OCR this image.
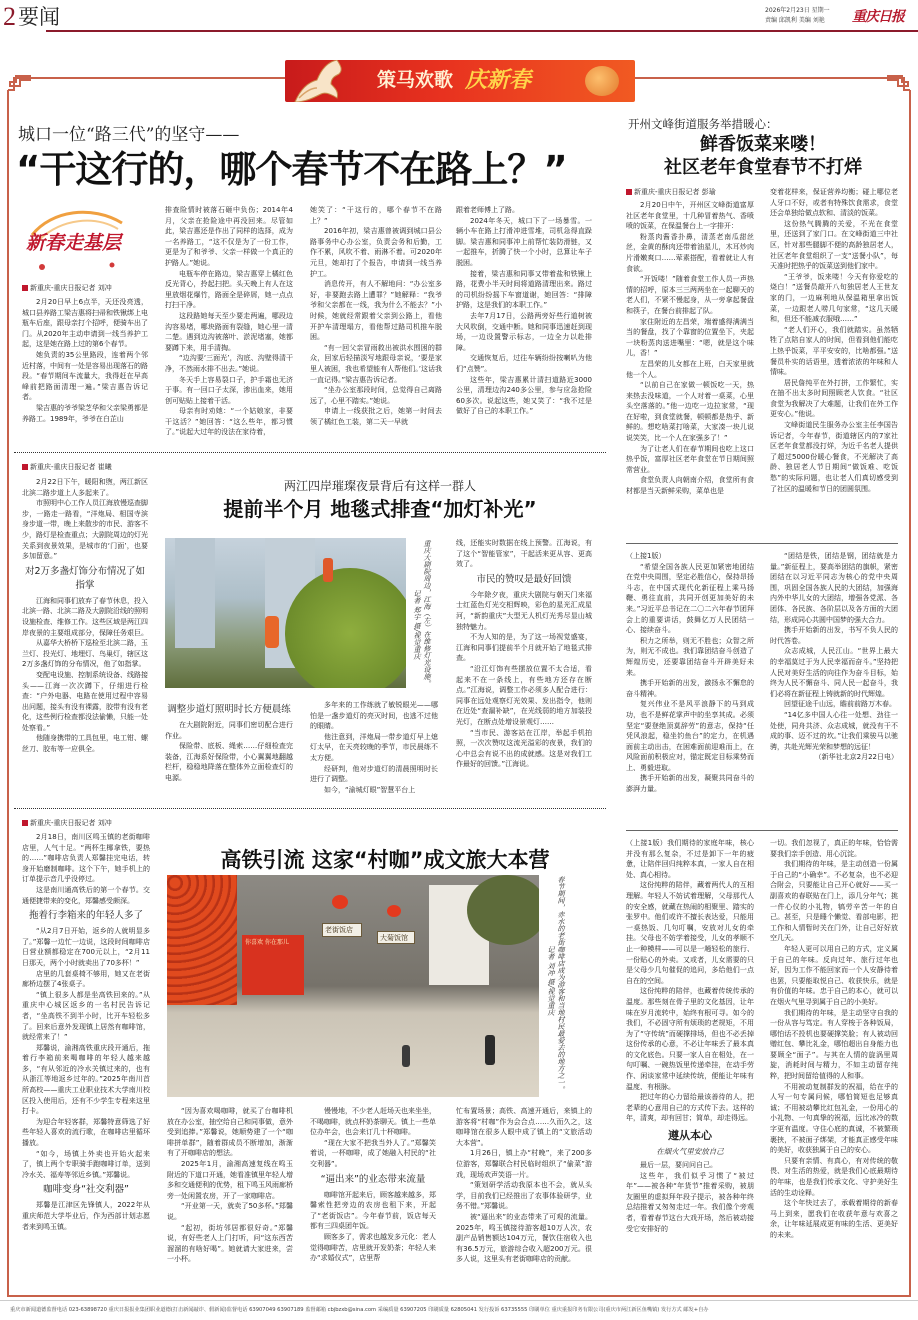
2 要闻	2026年2月23日 星期一
责编 邱凯利 美编 刘艳 重庆日报
策马欢歌 庆新春
城口一位“路三代”的坚守——
“干这行的，哪个春节不在路上？”
新春走基层
新重庆-重庆日报记者 刘冲

2月20日早上6点半，天还没亮透，城口县养路工梁吉惠将扫帚和铁锹绑上电瓶车后座，跟母亲打个招呼，便骑车出了门。从2020年主动申请到一线当养护工起，这是她在路上过的第6个春节。

她负责的35公里路段，连着两个邻近村落，中间有一处是容易出现落石的路段。“春节期间车流量大，我得赶在早高峰前把路面清理一遍。”梁吉惠告诉记者。

梁吉惠的爷爷梁芝华和父亲梁勇都是养路工。1989年，爷爷在白芷山

排查险情时被落石砸中负伤；2014年4月，父亲在抢险途中再没回来。尽管如此，梁吉惠还是作出了同样的选择，成为一名养路工，“这不仅是为了一份工作，更是为了和爷爷、父亲一样做一个真正的护路人。”她说。

电瓶车停在路边，梁吉惠穿上橘红色反光背心，拎起扫把。头天晚上有人在这里放烟花爆竹，路面全是碎屑，她一点点打扫干净。

这段路她每天至少要走两遍，哪段边沟容易堵，哪块路面有裂缝，她心里一清二楚。遇到边沟被落叶、淤泥堵塞，她都要蹲下来，用手清掏。

“边沟要‘三面光’，沟底、沟壁得清干净，不然雨水排不出去。”她说。

冬天手上容易裂口子，护手霜也无济于事。有一回口子太深，渗出血来，她用创可贴贴上接着干活。

母亲有时劝她：“一个姑娘家，非要干这活？”她回答：“这么些年，都习惯了。”说起大过年的没法在家待着，

她笑了：“干这行的，哪个春节不在路上？”

2016年初，梁吉惠曾被调到城口县公路事务中心办公室，负责会务和后勤，工作不累，风吹不着、雨淋不着。可2020年元旦，她却打了个报告，申请到一线当养护工。

消息传开，有人不解地问：“办公室多好，非要跑去路上遭罪？”她解释：“我爷爷和父亲都在一线，我为什么不能去？”小时候，她就经常跟着父亲到公路上，看他开护车清理塌方，看他帮过路司机推车脱困。

“有一回父亲冒雨救出被洪水围困的群众，回家后轻描淡写地跟母亲说，‘要是家里人被困，我也希望能有人帮他们。’这话我一直记得。”梁吉惠告诉记者。

“坐办公室那段时间，总觉得自己离路远了，心里不踏实。”她说。

申请上一线获批之后，她第一时间去领了橘红色工装，第二天一早就

跟着老师傅上了路。

2024年冬天，城口下了一场暴雪。一辆小车在路上打滑冲进雪堆，司机急得直跺脚。梁吉惠和同事冲上前帮忙装防滑链，又一起推车，折腾了快一个小时，总算让车子脱困。

接着，梁吉惠和同事又带着盐和铁锹上路，花费小半天时间将道路清理出来。路过的司机纷纷摇下车窗道谢，她回答：“排障护路，这是我们的本职工作。”

去年7月17日，公路两旁好些行道树被大风吹倒，交通中断。她和同事迅速赶到现场，一边设置警示标志，一边全力以赴排障。

交通恢复后，过往车辆纷纷按喇叭为他们“点赞”。

这些年，梁吉惠累计清扫道路近3000公里，清理边沟240多公里，参与应急抢险60多次。说起这些，她又笑了：“我不过是做好了自己的本职工作。”

开州文峰街道服务举措暖心：
鲜香饭菜来喽！
社区老年食堂春节不打烊
新重庆-重庆日报记者 彭瑜

2月20日中午，开州区文峰街道富厚社区老年食堂里，十几种冒着热气、香喷喷的饭菜，在保温餐台上一字排开：

粉蒸肉酱香扑鼻，清蒸老南瓜甜丝丝，金黄的酥肉还带着油星儿，木耳炒肉片滑嫩爽口……荤素搭配，看着就让人有食欲。

“开饭喽！”随着食堂工作人员一声热情的招呼，原本三三两两坐在一起聊天的老人们，不紧不慢起身，从一旁拿起餐盘和筷子，在餐台前排起了队。

家住附近的左昌荣，端着盛得满满当当的餐盘，找了个靠窗的位置坐下，夹起一块粉蒸肉送进嘴里：“嗯，就是这个味儿，香！”

左昌荣的儿女都在上班，白天家里就他一个人。

“以前自己在家做一顿饭吃一天，热来热去没味道，一个人对着一桌菜，心里头空落落的。”他一边吃一边拉家常，“现在好啦，到食堂就餐，顿顿都是热乎、新鲜的。想吃啥菜打啥菜，大家凑一块儿说说笑笑，比一个人在家强多了！”

为了让老人们在春节期间也吃上这口热乎饭，富厚社区老年食堂在节日期间照常营业。

食堂负责人向朝南介绍，食堂所有食材都是当天新鲜采购，菜单也是

变着花样来，保证营养均衡；碰上哪位老人牙口不好，或者有特殊饮食需求，食堂还会单独给做点软和、清淡的饭菜。

这份热气腾腾的关爱，不光在食堂里，还送到了家门口。在文峰街道三中社区，针对那些腿脚不便的高龄独居老人，社区老年食堂组织了一支“送餐小队”，每天准时把热乎的饭菜送到他们家中。

“王爷爷，饭来喽！今天有你爱吃的烧白！”送餐员敲开八旬独居老人王世友家的门，一边麻利地从保温箱里拿出饭菜，一边跟老人唠几句家常，“这几天暖和，但还不能减衣服哦……”

“老人们开心，我们就踏实。虽然牺牲了点陪自家人的时间，但看到他们能吃上热乎饭菜，平平安安的，比啥都强。”送餐员朴实的话语里，透着浓浓的年味和人情味。

居民詹纯平在外打拼，工作繁忙，实在抽不出太多时间照顾老人饮食。“社区食堂为我解决了大难题，让我们在外工作更安心。”他说。

文峰街道民生服务办公室主任李国告诉记者，今年春节，街道辖区内的7家社区老年食堂都没打烊，为近千名老人提供了超过5000份暖心餐食，不光解决了高龄、独居老人节日期间“做饭难、吃饭愁”的实际问题，也让老人们真切感受到了社区的温暖和节日的团圆氛围。

新重庆-重庆日报记者 崔曦
两江四岸璀璨夜景背后有这样一群人
提前半个月 地毯式排查“加灯补光”

2月22日下午，暖阳和煦，两江新区北滨二路步道上人多起来了。

市照明中心工作人员江海放慢巡查脚步，一路走一路看，“洋炮局、相国寺滨身步道一带，晚上来散步的市民、游客不少，路灯是检查重点；大剧院周边的灯光关系到夜景效果，是城市的‘门面’，也要多加留意。”

对2万多盏灯饰分布情况了如指掌

江海和同事们放弃了春节休息，投入北滨一路、北滨二路及大剧院沿线的照明设施检查、维修工作。这些区域是两江四岸夜景的主要组成部分，保障任务艰巨。

从嘉华大桥桥下巡检至北滨二路，玉兰灯、投光灯、地埋灯、鸟巢灯，辖区这2万多盏灯饰的分布情况，他了如指掌。

变配电设施、控制系统设备、线路接头——江海一次次蹲下，仔细进行检查：“户外电器、电路在使用过程中容易出问题，接头有没有裸露，胶带有没有老化，这些例行检查都没法偷懒，只能一处处察看。”

他随身携带的工具包里，电工钳、螺丝刀、胶布等一应俱全。

重庆大剧院周边，江海（左）在维修灯光设施。
记者 郑宇 摄/视觉重庆
调整步道灯照明时长方便晨练

在大剧院附近，同事们密切配合进行作业。

保险带、底板、绳索……仔细检查完装备，江海系好保险带，小心翼翼地翻越栏杆，稳稳地降落在整体外立面检查灯的电源。

多年来的工作练就了敏锐眼光——哪怕是一盏步道灯的亮灭时间，也逃不过他的眼睛。

他注意到，洋炮局一带步道灯早上熄灯太早，在天亮较晚的季节，市民晨练不太方便。

经研判，他对步道灯的清晨照明时长进行了调整。

如今，“渝城灯眼”智慧平台上

线，还能实时数据在线上预警。江海说，有了这个“智能管家”，干起活来更从容、更高效了。

市民的赞叹是最好回馈

今年除夕夜，重庆大剧院与朝天门来福士红蓝色灯光交相辉映，彩色的星光汇成星河，“新韵重庆”大型无人机灯光秀尽显山城独特魅力。

不为人知的是，为了这一场视觉盛宴，江海和同事们提前半个月就开始了地毯式排查。

“沿江灯饰有些摆放位置不太合适，看起来不在一条线上，有些地方还存在断点。”江海说，调整工作必须多人配合进行：同事在远处观察灯光效果、发出指令，他则在近处“查漏补缺”，在光线弱的地方加装投光灯，在断点处增设景观灯……

“当市民、游客站在江岸，举起手机拍照，一次次赞叹这流光溢彩的夜景，我们的心中总会有说不出的成就感。这是对我们工作最好的回馈。”江海说。

（上接1版）

“希望全国各族人民更加紧密地团结在党中央周围，坚定必胜信心，保持昂扬斗志，在中国式现代化新征程上乘马扬鞭、勇往直前，共同开创更加美好的未来。”习近平总书记在二〇二六年春节团拜会上的重要讲话，鼓舞亿万人民团结一心、接续奋斗。

积力之所举，则无不胜也；众智之所为，则无不成也。我们靠团结奋斗创造了辉煌历史，还要靠团结奋斗开辟美好未来。

携手开始新的出发，激扬永不懈怠的奋斗精神。

复兴伟业不是风平浪静下的马到成功，也不是鲜花掌声中的坐享其成。必须坚定“要登绝顶莫辞劳”的意志，保持“任凭风浪起，稳坐钓鱼台”的定力，在机遇面前主动出击，在困难面前迎难而上，在风险面前积极应对，锚定既定目标乘势而上、勇毅进取。

携手开始新的出发，凝聚共同奋斗的澎湃力量。

“团结是铁，团结是钢，团结就是力量。”新征程上，要高举团结的旗帜，紧密团结在以习近平同志为核心的党中央周围，巩固全国各族人民的大团结，加强海内外中华儿女的大团结，增强各党派、各团体、各民族、各阶层以及各方面的大团结，形成同心共圆中国梦的强大合力。

携手开始新的出发，书写不负人民的时代答卷。

众志成城，人民江山。“世界上最大的幸福莫过于为人民幸福而奋斗。”坚持把人民对美好生活的向往作为奋斗目标，始终为人民不懈奋斗、同人民一起奋斗，我们必将在新征程上铸就新的时代辉煌。

回望征途千山远，瞻前前路万木春。

“14亿多中国人心往一处想、劲往一处使，同舟共济、众志成城，就没有干不成的事、迈不过的坎。”让我们乘骏马以驰骋，共赴光辉光荣和梦想的远征！

（新华社北京2月22日电）

新重庆-重庆日报记者 刘冲
高铁引流 这家“村咖”成文旅大本营

2月18日，南川区鸣玉镇的老街咖啡店里，人气十足。“两杯生椰拿铁，要热的……”咖啡店负责人郑馨挂完电话，转身开始磨制咖啡。这个下午，她手机上的订单提示音几乎没停过。

这是南川通高铁后的第一个春节。交通便捷带来的变化，郑馨感受颇深。

拖着行李箱来的年轻人多了

“从2月7日开始，返乡的人就明显多了。”郑馨一边忙一边说，这段时间咖啡店日营业额都稳定在700元以上，“2月11日那天，两个小时就卖出了70多杯！”

店里的几套桌椅不够用，她又在老街廊桥边摆了4张桌子。

“镇上很多人都是坐高铁回来的。”从重庆中心城区返乡的一名村民告诉记者，“坐高铁不到半小时，比开车轻松多了。回来后意外发现镇上居然有咖啡馆，就经常来了！”

郑馨说，渝湘高铁重庆段开通后，拖着行李箱前来喝咖啡的年轻人越来越多，“有从邻近的冷水关镇过来的，也有从浙江等地返乡过年的。”2025年南川首所高校——重庆工业职业技术大学南川校区投入使用后，还有不少学生专程来这里打卡。

为迎合年轻客群，郑馨特意筛选了好些年轻人喜欢的流行歌，在咖啡店里循环播放。

“如今，场镇上外卖也开始火起来了，镇上两个专职骑手跑咖啡订单，送到冷水关、福寿等邻近乡镇。”郑馨说。

咖啡变身“社交利器”

郑馨是江津区先锋镇人，2022年从重庆师范大学毕业后，作为西部计划志愿者来到鸣玉镇。

你喜欢 你在那儿
老街饭店
大菊饭馆	春节期间，赤水的老街咖啡店成为游客和当地村民最爱去的地方之一。
记者 刘冲 摄/视觉重庆

“因为喜欢喝咖啡，就买了台咖啡机放在办公室，抽空给自己和同事做，意外受到追捧。”郑馨说，她顺势建了一个“咖啡拼单群”，随着群成员不断增加，渐渐有了开咖啡店的想法。

2025年1月，渝湘高速复线在鸣玉附近的下道口开通，她看准镇里年轻人增多和交通便利的优势，租下鸣玉风雨廊桥旁一处闲置农房，开了一家咖啡店。

“开业第一天，就卖了50多杯。”郑馨说。

“起初，街坊邻居都很好奇。”郑馨说，有好些老人上门打听，问“这东西苦溜溜的有啥好喝”。她就请大家进来，尝一小杯。

慢慢地，不少老人赶场天也来坐坐，不喝咖啡，就点杯奶茶聊天。镇上一些单位办年会，也会来订几十杯咖啡。

“现在大家不把我当外人了。”郑馨笑着说，一杯咖啡，成了她融入村民的“社交利器”。

“逼出来”的业态带来流量

咖啡馆开起来后，顾客越来越多，郑馨索性把旁边的农房也租下来，开起了“老街饭店”。今年春节前，饭店每天都有三四桌团年饭。

顾客多了，需求也越发多元化：老人觉得咖啡苦，店里就开发奶茶；年轻人来办“求婚仪式”，店里帮

忙布置场景；高铁、高速开通后，来镇上的游客将“村咖”作为会合点……久而久之，这咖啡馆在很多人眼中成了镇上的“文旅活动大本营”。

1月26日，镇上办“村晚”，来了200多位游客，郑馨联合村民临时组织了“偷菜”游戏，现场欢声笑语一片。

“策划研学活动我原本也不会，就从头学，目前我们已经推出了农事体验研学，业务不错。”郑馨说。

被“逼出来”的业态带来了可观的流量。2025年，鸣玉镇接待游客超10万人次，农副产品销售额达104万元，餐饮住宿收入也有36.5万元，旅游综合收入超200万元。很多人说，这里头有老街咖啡店的贡献。

（上接1版）我们期待的家庭年味，核心并没有那么复杂，不过是卸下一年的疲惫，让陪伴回归纯粹本真，一家人自在相处、真心相待。

这份纯粹的陪伴，藏着两代人的互相理解。年轻人不妨试着理解，父母那代人的安全感，就藏在热闹的相聚里、踏实的张罗中。他们或许不擅长表达爱，只能用一桌热饭、几句叮嘱，安放对儿女的牵挂。父母也不妨学着接受，儿女的孝顺不止一种模样——可以是一趟轻松的旅行、一份贴心的外卖。又或者，儿女需要的只是父母少几句催促的追问，多给他们一点自在的空间。

这份纯粹的陪伴，也藏着传统传承的温度。那些刻在骨子里的文化基因，让年味在岁月流转中，始终有根可寻。如今的我们，不必固守所有烦琐的老规矩，不用为了“守传统”而硬撑排场，但也不必丢掉这份传承的心意，不必让年味丢了最本真的文化底色。只要一家人自在相处，在一句叮嘱、一碗热饭里传递牵挂，在动手劳作、闲谈家常中延续传统，便能让年味有温度、有根脉。

把过年的心力留给最该善待的人，把老辈的心意用自己的方式传下去。这样的年，清爽，却有回甘；简单，却走得远。

遵从本心
在烟火气里安放自己

最后一层，要问问自己。

这些年，我们似乎习惯了“被过年”——被各种“年货节”推着采购，被朋友圈里的虚拟拜年段子提示，被各种年终总结推着又匆匆走过一年。我们像个旁观者，看着春节这台大戏开场，然后被动接受它安排好的

一切。我们忽视了，真正的年味，恰恰需要我们亲手创造、用心沉淀。

我们期待的年味，是主动创造一份属于自己的“小确幸”。不必复杂，也不必迎合附会，只要能让自己开心就好——买一副喜欢的春联贴在门上，添几分年气；挑一件心仪的小礼物，犒劳辛苦一年的自己。甚至，只是睡个懒觉、看部电影，把工作和人情暂时关在门外，让自己好好放空几天。

年轻人更可以用自己的方式，定义属于自己的年味。反向过年、旅行过年也好，因为工作不能回家而一个人安静待着也罢，只要能取悦自己、收获快乐，就是有价值的年味。忠于自己的本心，就可以在烟火气里寻到属于自己的小美好。

我们期待的年味，是主动坚守自我的一份从容与笃定。有人穿梭于各种饭局，哪怕话不投机也要硬撑笑脸；有人被动回赠红包、攀比礼金，哪怕超出自身能力也要顾全“面子”。与其在人情的旋涡里周旋，消耗时间与精力，不如主动留存纯粹，把时间留给值得的人和事。

不用被动复制群发的祝福，给在乎的人写一句专属问候，哪怕简短也足够真诚；不用被动攀比红包礼金，一份用心的小礼物、一句真挚的祝福，远比冰冷的数字更有温度。守住心底的真诚，不被繁琐裹挟，不被面子绑架，才能真正感受年味的美好，收获独属于自己的安心。

只要有亲情、有真心，有对传统的敬畏、对生活的热爱，就是我们心底最期待的年味，也是我们传承文化、守护美好生活的生动诠释。

这个年快过去了，承载着期待的新春马上到来，愿我们在收获年意与欢喜之余，让年味延展成更有味的生活、更美好的未来。

重庆市新闻道德监督电话 023-63898720 重庆日报报业集团职业道德(打击新闻敲诈、假新闻)监督电话 63907049 63907189 监督邮箱 cbjbzxb@sina.com 采编质量 63907205 印刷质量 62805041 发行投诉 63735555 印刷单位 重庆重报印务有限公司(重庆市两江新区鱼嘴镇) 发行方式 邮发+自办
